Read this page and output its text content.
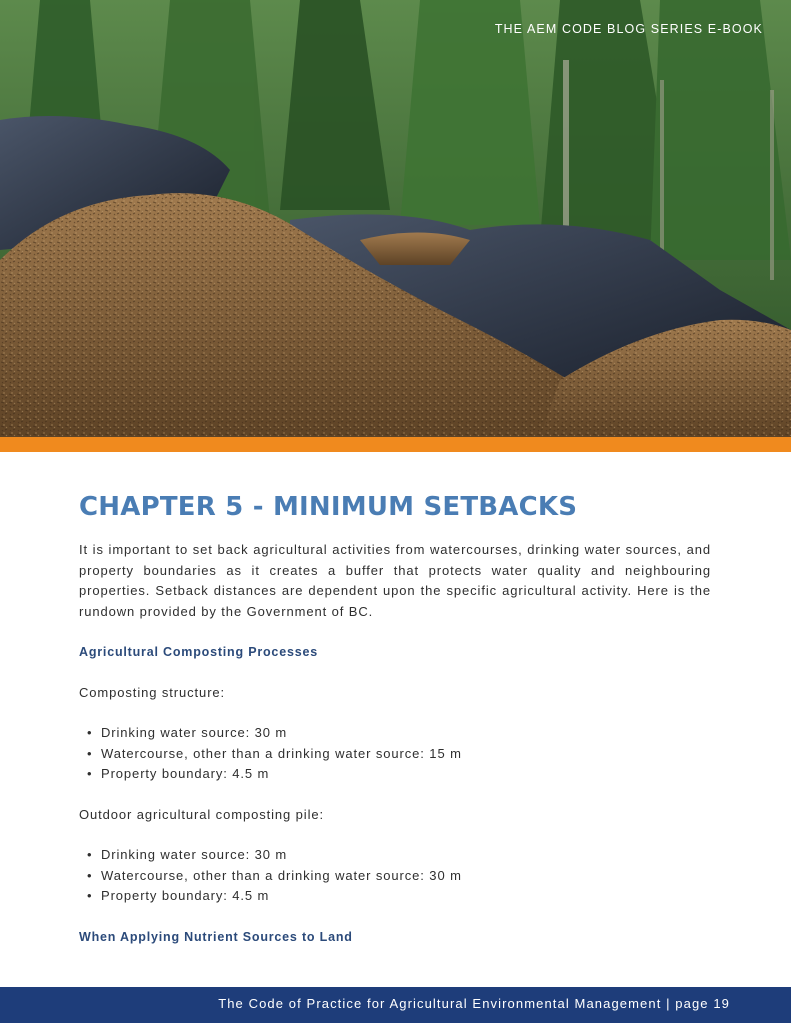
THE AEM CODE BLOG SERIES E-BOOK
CHAPTER 5 - MINIMUM SETBACKS

It is important to set back agricultural activities from watercourses, drinking water sources, and property boundaries as it creates a buffer that protects water quality and neighbouring properties. Setback distances are dependent upon the specific agricultural activity. Here is the rundown provided by the Government of BC.

Agricultural Composting Processes

Composting structure:

• Drinking water source: 30 m
• Watercourse, other than a drinking water source: 15 m
• Property boundary: 4.5 m

Outdoor agricultural composting pile:

• Drinking water source: 30 m
• Watercourse, other than a drinking water source: 30 m
• Property boundary: 4.5 m

When Applying Nutrient Sources to Land

The Code of Practice for Agricultural Environmental Management | page 19
